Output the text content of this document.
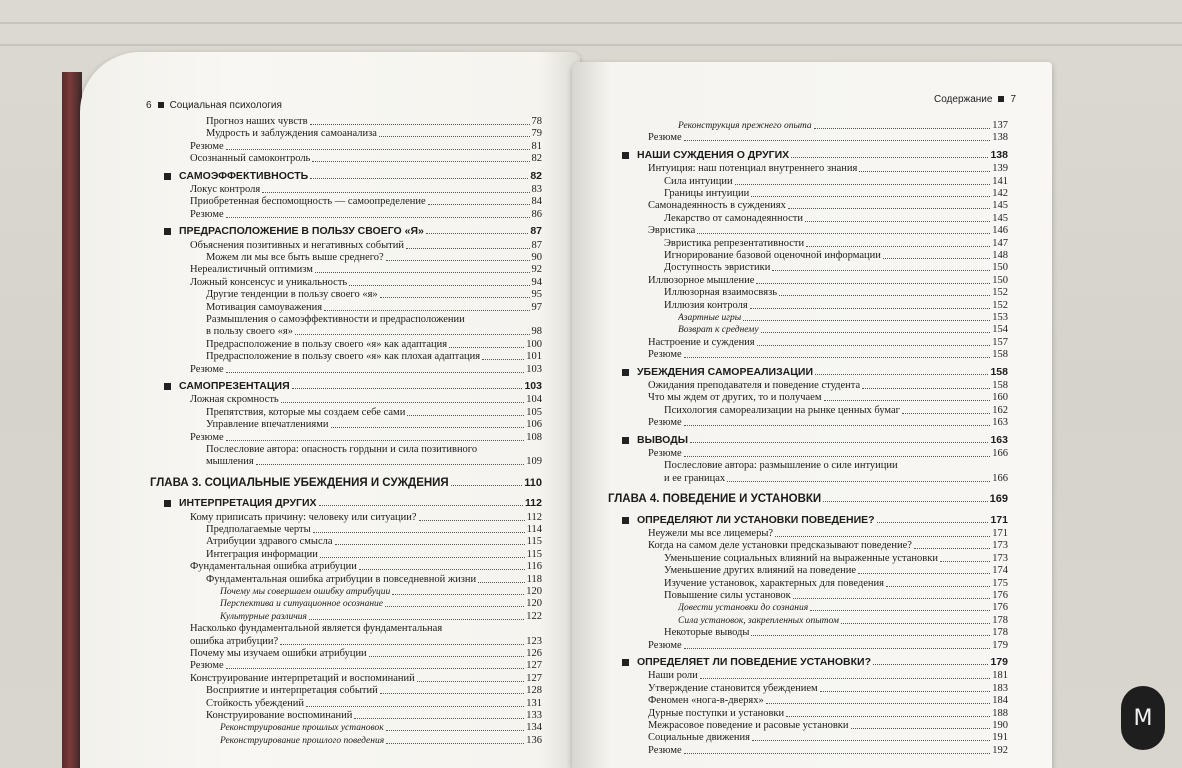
6 Социальная психология
Прогноз наших чувств	78
Мудрость и заблуждения самоанализа	79
Резюме	81
Осознанный самоконтроль	82
САМОЭФФЕКТИВНОСТЬ	82
Локус контроля	83
Приобретенная беспомощность — самоопределение	84
Резюме	86
ПРЕДРАСПОЛОЖЕНИЕ В ПОЛЬЗУ СВОЕГО «Я»	87
Объяснения позитивных и негативных событий	87
Можем ли мы все быть выше среднего?	90
Нереалистичный оптимизм	92
Ложный консенсус и уникальность	94
Другие тенденции в пользу своего «я»	95
Мотивация самоуважения	97
Размышления о самоэффективности и предрасположении
в пользу своего «я»	98
Предрасположение в пользу своего «я» как адаптация	100
Предрасположение в пользу своего «я» как плохая адаптация	101
Резюме	103
САМОПРЕЗЕНТАЦИЯ	103
Ложная скромность	104
Препятствия, которые мы создаем себе сами	105
Управление впечатлениями	106
Резюме	108
Послесловие автора: опасность гордыни и сила позитивного
мышления	109
ГЛАВА 3. СОЦИАЛЬНЫЕ УБЕЖДЕНИЯ И СУЖДЕНИЯ	110
ИНТЕРПРЕТАЦИЯ ДРУГИХ	112
Кому приписать причину: человеку или ситуации?	112
Предполагаемые черты	114
Атрибуции здравого смысла	115
Интеграция информации	115
Фундаментальная ошибка атрибуции	116
Фундаментальная ошибка атрибуции в повседневной жизни	118
Почему мы совершаем ошибку атрибуции	120
Перспектива и ситуационное осознание	120
Культурные различия	122
Насколько фундаментальной является фундаментальная
ошибка атрибуции?	123
Почему мы изучаем ошибки атрибуции	126
Резюме	127
Конструирование интерпретаций и воспоминаний	127
Восприятие и интерпретация событий	128
Стойкость убеждений	131
Конструирование воспоминаний	133
Реконструирование прошлых установок	134
Реконструирование прошлого поведения	136
Содержание 7
Реконструкция прежнего опыта	137
Резюме	138
НАШИ СУЖДЕНИЯ О ДРУГИХ	138
Интуиция: наш потенциал внутреннего знания	139
Сила интуиции	141
Границы интуиции	142
Самонадеянность в суждениях	145
Лекарство от самонадеянности	145
Эвристика	146
Эвристика репрезентативности	147
Игнорирование базовой оценочной информации	148
Доступность эвристики	150
Иллюзорное мышление	150
Иллюзорная взаимосвязь	152
Иллюзия контроля	152
Азартные игры	153
Возврат к среднему	154
Настроение и суждения	157
Резюме	158
УБЕЖДЕНИЯ САМОРЕАЛИЗАЦИИ	158
Ожидания преподавателя и поведение студента	158
Что мы ждем от других, то и получаем	160
Психология самореализации на рынке ценных бумаг	162
Резюме	163
ВЫВОДЫ	163
Резюме	166
Послесловие автора: размышление о силе интуиции
и ее границах	166
ГЛАВА 4. ПОВЕДЕНИЕ И УСТАНОВКИ	169
ОПРЕДЕЛЯЮТ ЛИ УСТАНОВКИ ПОВЕДЕНИЕ?	171
Неужели мы все лицемеры?	171
Когда на самом деле установки предсказывают поведение?	173
Уменьшение социальных влияний на выраженные установки	173
Уменьшение других влияний на поведение	174
Изучение установок, характерных для поведения	175
Повышение силы установок	176
Довести установки до сознания	176
Сила установок, закрепленных опытом	178
Некоторые выводы	178
Резюме	179
ОПРЕДЕЛЯЕТ ЛИ ПОВЕДЕНИЕ УСТАНОВКИ?	179
Наши роли	181
Утверждение становится убеждением	183
Феномен «нога-в-дверях»	184
Дурные поступки и установки	188
Межрасовое поведение и расовые установки	190
Социальные движения	191
Резюме	192
M
